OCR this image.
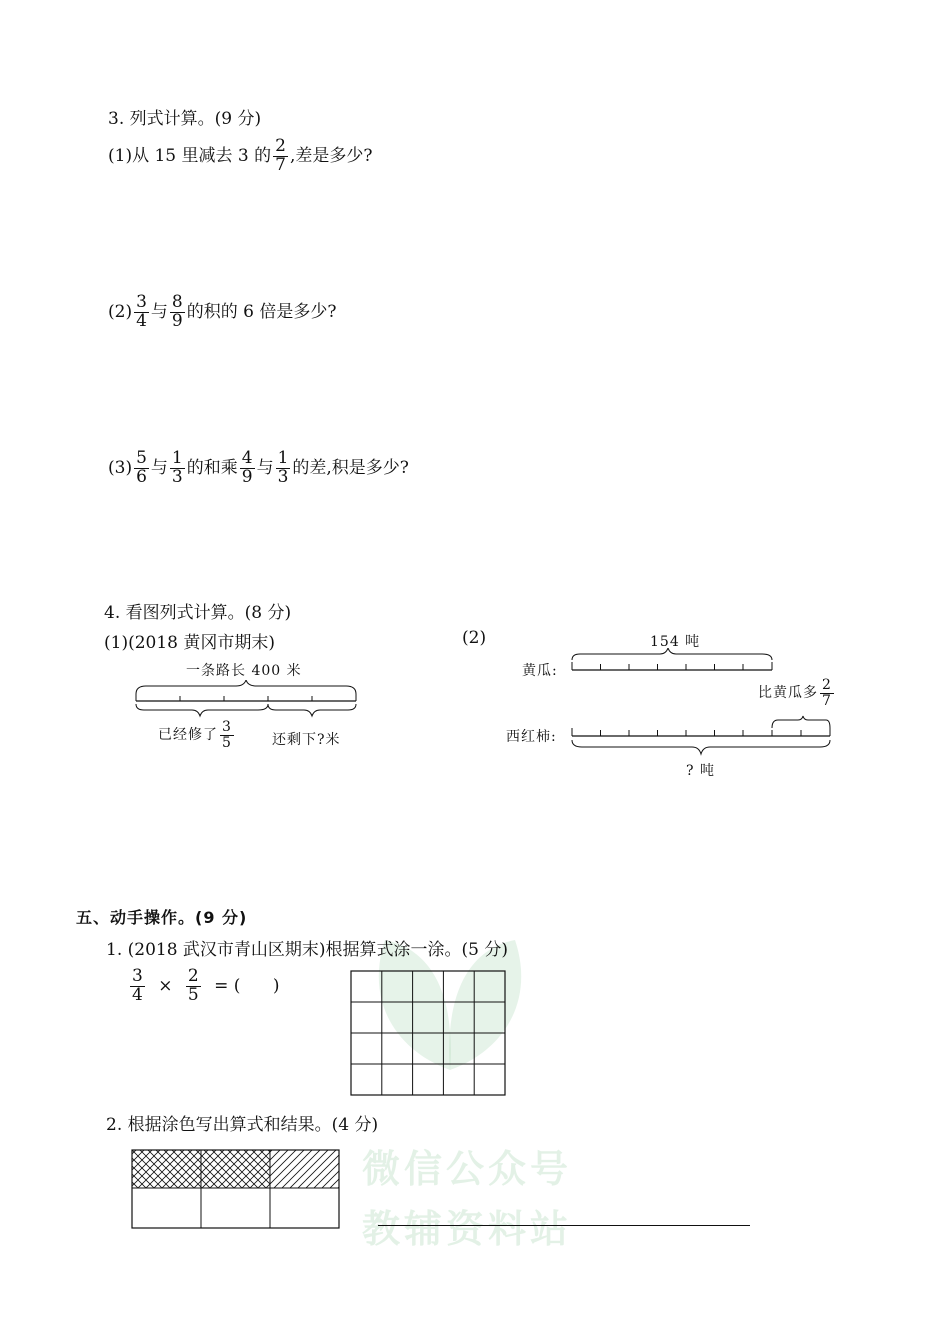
微信公众号
教辅资料站
3. 列式计算。(9 分)
(1)从 15 里减去 3 的 $\frac{2}{7}$ ,差是多少?
$(2) \frac{3}{4}$ 与 $\frac{8}{9}$ 的积的 6 倍是多少?
$(3) \frac{5}{6}$ 与 $\frac{1}{3}$ 的和乘 $\frac{4}{9}$ 与 $\frac{1}{3}$ 的差,积是多少?
4. 看图列式计算。(8 分)
(1)(2018 黄冈市期末)	(2)
一条路长 400 米
已经修了 $\frac{3}{5}$	还剩下?米
154 吨
黄瓜:
西红柿:
比黄瓜多 $\frac{2}{7}$
? 吨
五、动手操作。(9 分)
1. (2018 武汉市青山区期末)根据算式涂一涂。(5 分)
$\frac{3}{4} \times \frac{2}{5}$ = (      )
2. 根据涂色写出算式和结果。(4 分)
